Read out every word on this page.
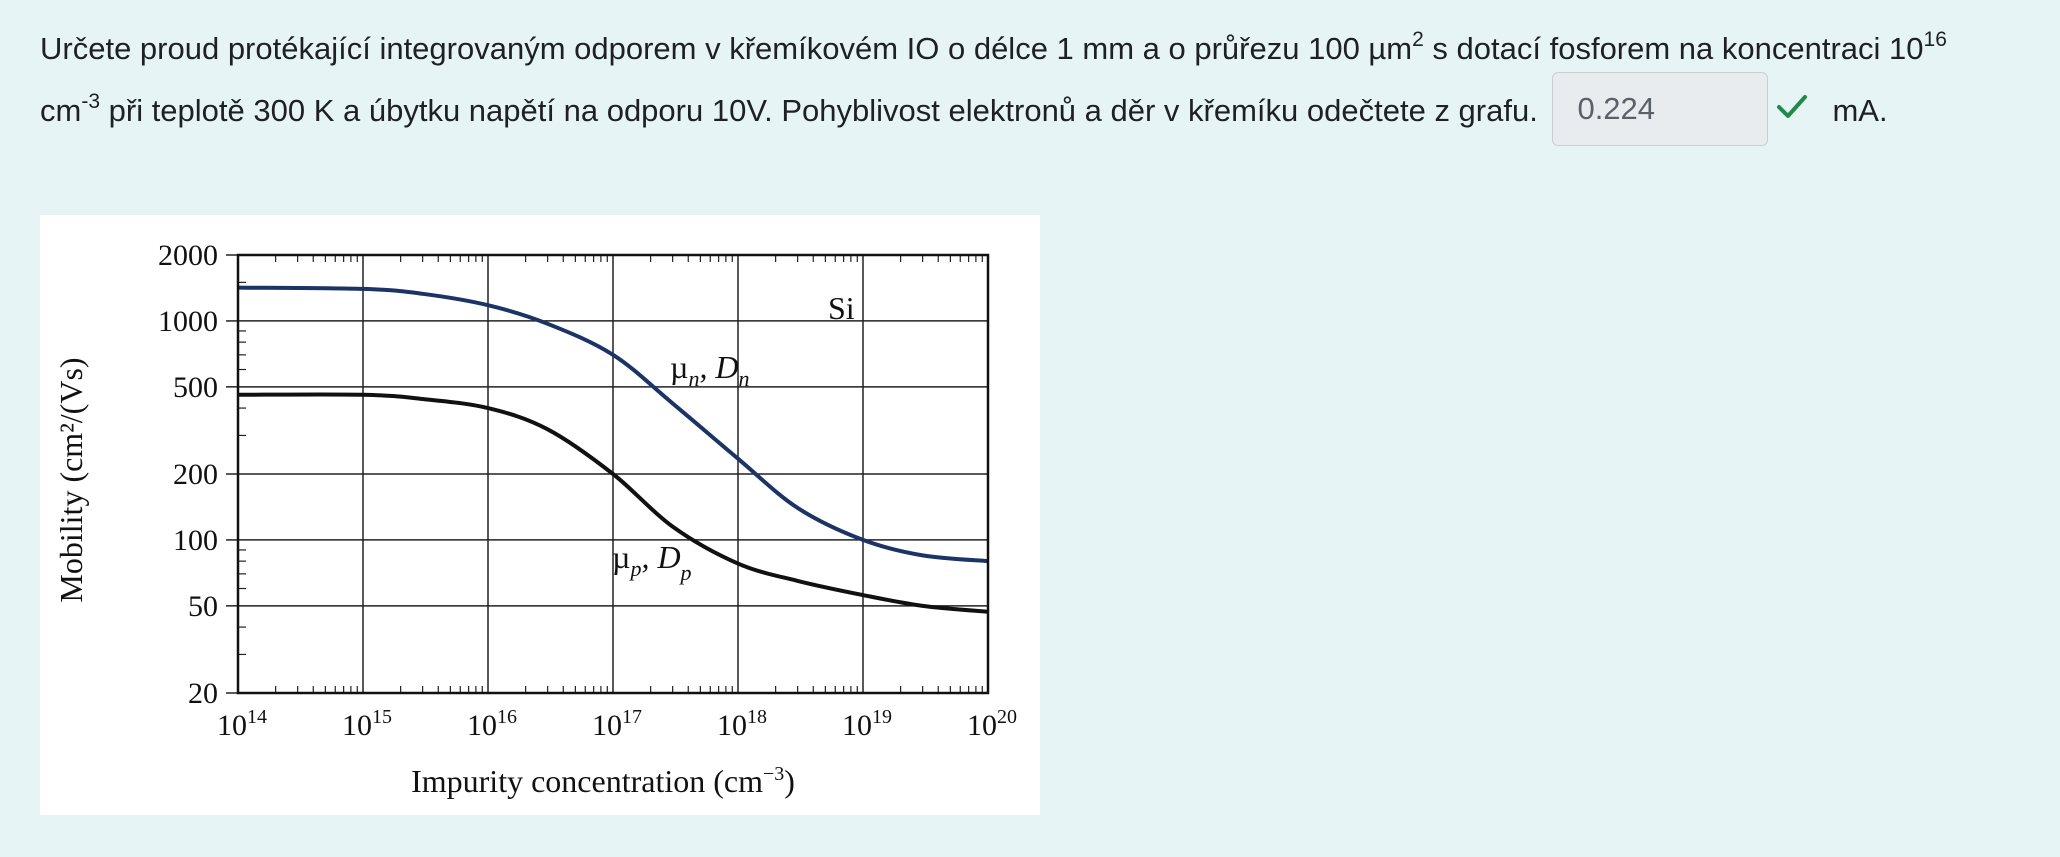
Určete proud protékající integrovaným odporem v křemíkovém IO o délce 1 mm a o průřezu 100 µm$^2$ s dotací fosforem na koncentraci $10^{16}$
$cm^{-3}$ při teplotě 300 K a úbytku napětí na odporu 10V. Pohyblivost elektronů a děr v křemíku odečtete z grafu. 0.224	mA.
$10^{14}$	$10^{15}$	$10^{16}$	$10^{17}$	$10^{18}$	$10^{19}$	$10^{20}$
2000
1000
500
200
100
50
20
Mobility (cm²/(Vs)
Impurity concentration $(cm^{-3})$
Si
µ$_n$, $D_n$
µ$_p$, $D_p$
